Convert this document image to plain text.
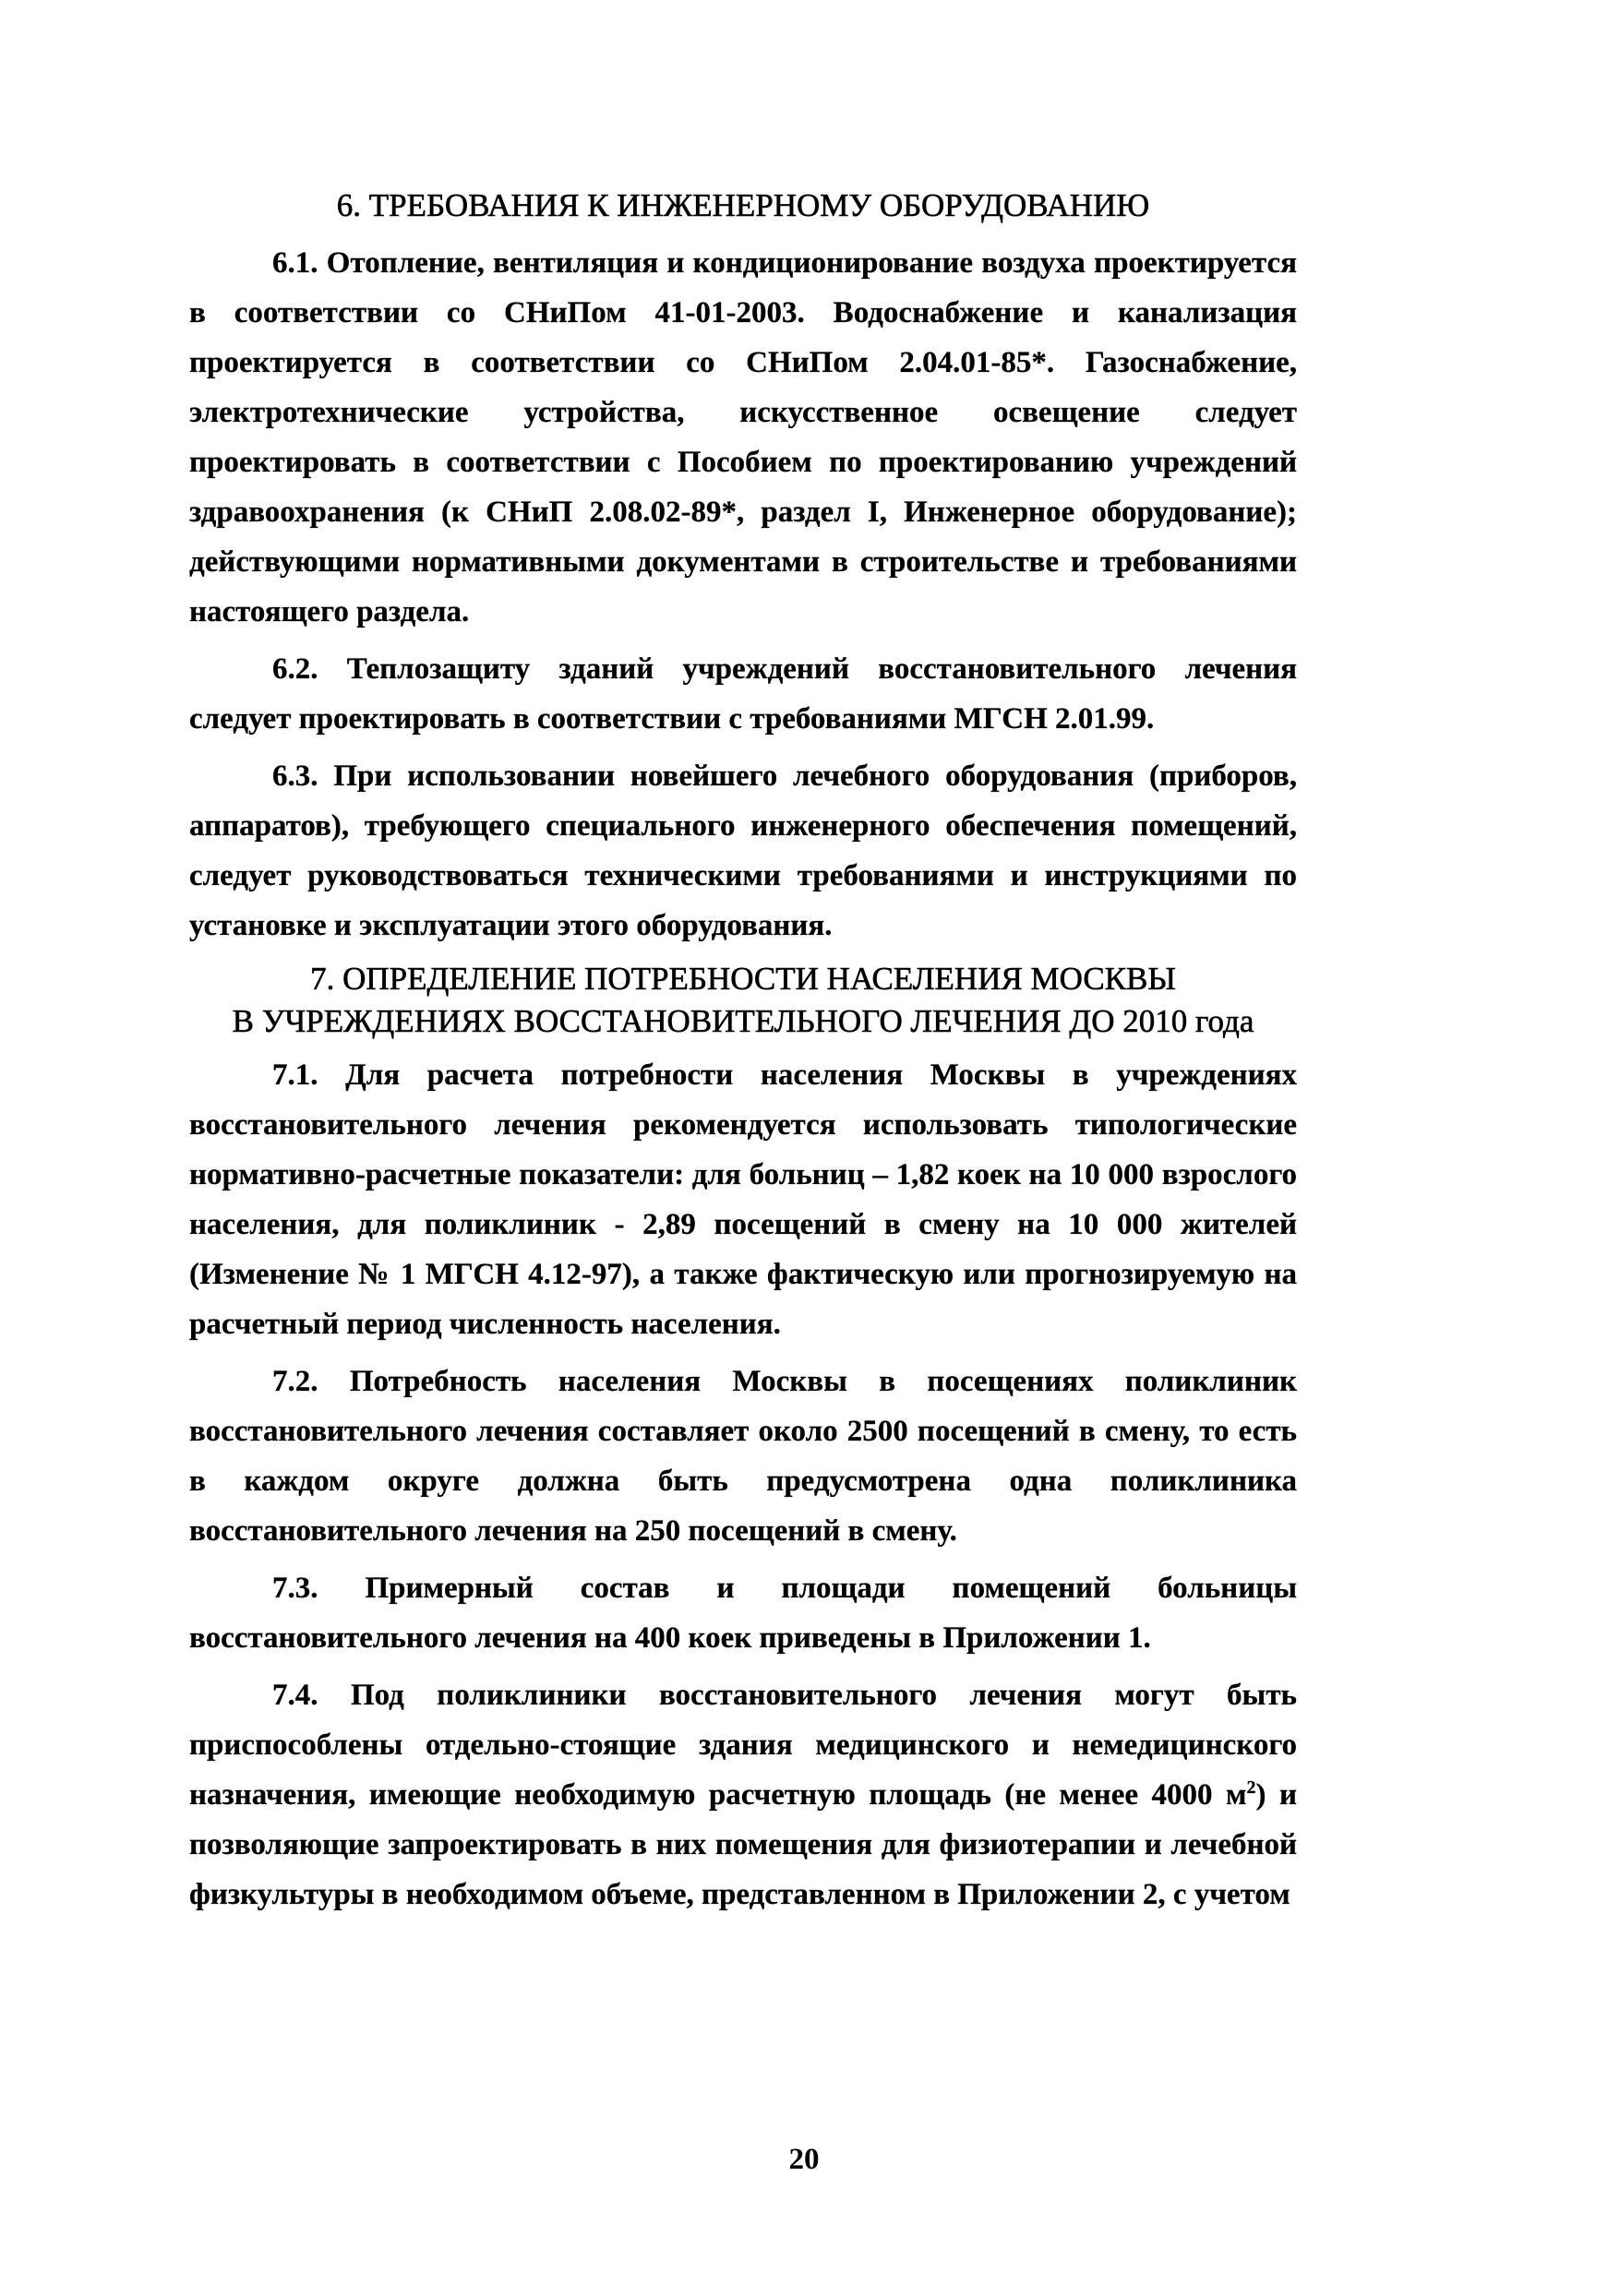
6. ТРЕБОВАНИЯ К ИНЖЕНЕРНОМУ ОБОРУДОВАНИЮ

6.1. Отопление, вентиляция и кондиционирование воздуха проектируется в соответствии со СНиПом 41-01-2003. Водоснабжение и канализация проектируется в соответствии со СНиПом 2.04.01-85*. Газоснабжение, электротехнические устройства, искусственное освещение следует проектировать в соответствии с Пособием по проектированию учреждений здравоохранения (к СНиП 2.08.02-89*, раздел I, Инженерное оборудование); действующими нормативными документами в строительстве и требованиями настоящего раздела.

6.2. Теплозащиту зданий учреждений восстановительного лечения следует проектировать в соответствии с требованиями МГСН 2.01.99.

6.3. При использовании новейшего лечебного оборудования (приборов, аппаратов), требующего специального инженерного обеспечения помещений, следует руководствоваться техническими требованиями и инструкциями по установке и эксплуатации этого оборудования.

7. ОПРЕДЕЛЕНИЕ ПОТРЕБНОСТИ НАСЕЛЕНИЯ МОСКВЫ
В УЧРЕЖДЕНИЯХ ВОССТАНОВИТЕЛЬНОГО ЛЕЧЕНИЯ ДО 2010 года

7.1. Для расчета потребности населения Москвы в учреждениях восстановительного лечения рекомендуется использовать типологические нормативно-расчетные показатели: для больниц – 1,82 коек на 10 000 взрослого населения, для поликлиник - 2,89 посещений в смену на 10 000 жителей (Изменение № 1 МГСН 4.12-97), а также фактическую или прогнозируемую на расчетный период численность населения.

7.2. Потребность населения Москвы в посещениях поликлиник восстановительного лечения составляет около 2500 посещений в смену, то есть в каждом округе должна быть предусмотрена одна поликлиника восстановительного лечения на 250 посещений в смену.

7.3. Примерный состав и площади помещений больницы восстановительного лечения на 400 коек приведены в Приложении 1.

7.4. Под поликлиники восстановительного лечения могут быть приспособлены отдельно-стоящие здания медицинского и немедицинского назначения, имеющие необходимую расчетную площадь (не менее 4000 $м^2$) и позволяющие запроектировать в них помещения для физиотерапии и лечебной физкультуры в необходимом объеме, представленном в Приложении 2, с учетом

20
